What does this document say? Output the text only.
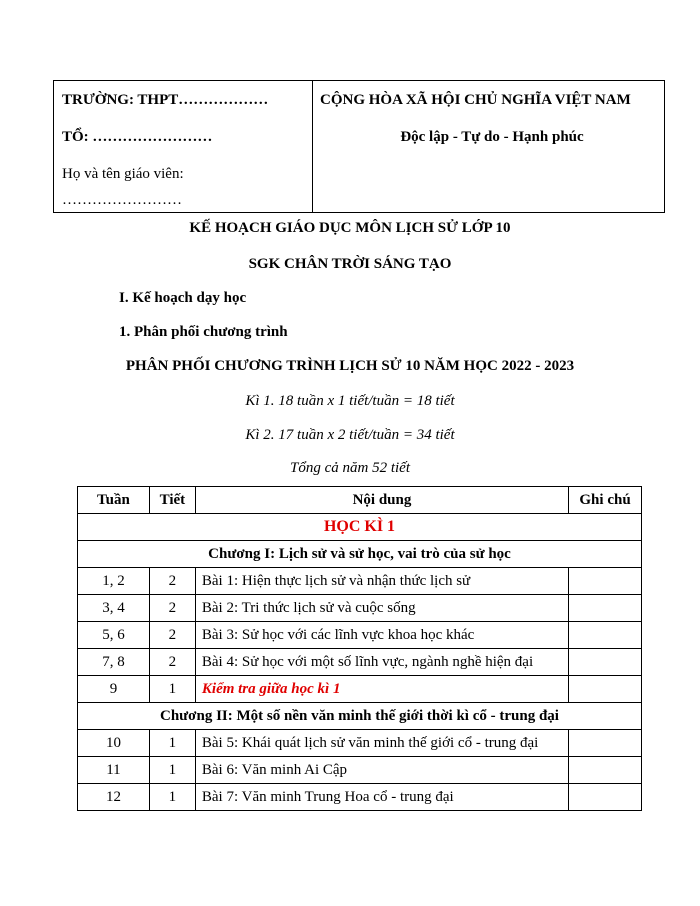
TRƯỜNG: THPT………………
TỔ: ……………………
Họ và tên giáo viên:
……………………
CỘNG HÒA XÃ HỘI CHỦ NGHĨA VIỆT NAM
Độc lập - Tự do - Hạnh phúc
KẾ HOẠCH GIÁO DỤC MÔN LỊCH SỬ LỚP 10
SGK CHÂN TRỜI SÁNG TẠO
I. Kế hoạch dạy học
1. Phân phối chương trình
PHÂN PHỐI CHƯƠNG TRÌNH LỊCH SỬ 10 NĂM HỌC 2022 - 2023
Kì 1. 18 tuần x 1 tiết/tuần = 18 tiết
Kì 2. 17 tuần x 2 tiết/tuần = 34 tiết
Tổng cả năm 52 tiết
Tuần	Tiết	Nội dung	Ghi chú
HỌC KÌ 1			
Chương I: Lịch sử và sử học, vai trò của sử học			
1, 2	2	Bài 1: Hiện thực lịch sử và nhận thức lịch sử	
3, 4	2	Bài 2: Tri thức lịch sử và cuộc sống	
5, 6	2	Bài 3: Sử học với các lĩnh vực khoa học khác	
7, 8	2	Bài 4: Sử học với một số lĩnh vực, ngành nghề hiện đại	
9	1	Kiểm tra giữa học kì 1	
Chương II: Một số nền văn minh thế giới thời kì cổ - trung đại			
10	1	Bài 5: Khái quát lịch sử văn minh thế giới cổ - trung đại	
11	1	Bài 6: Văn minh Ai Cập	
12	1	Bài 7: Văn minh Trung Hoa cổ - trung đại	
